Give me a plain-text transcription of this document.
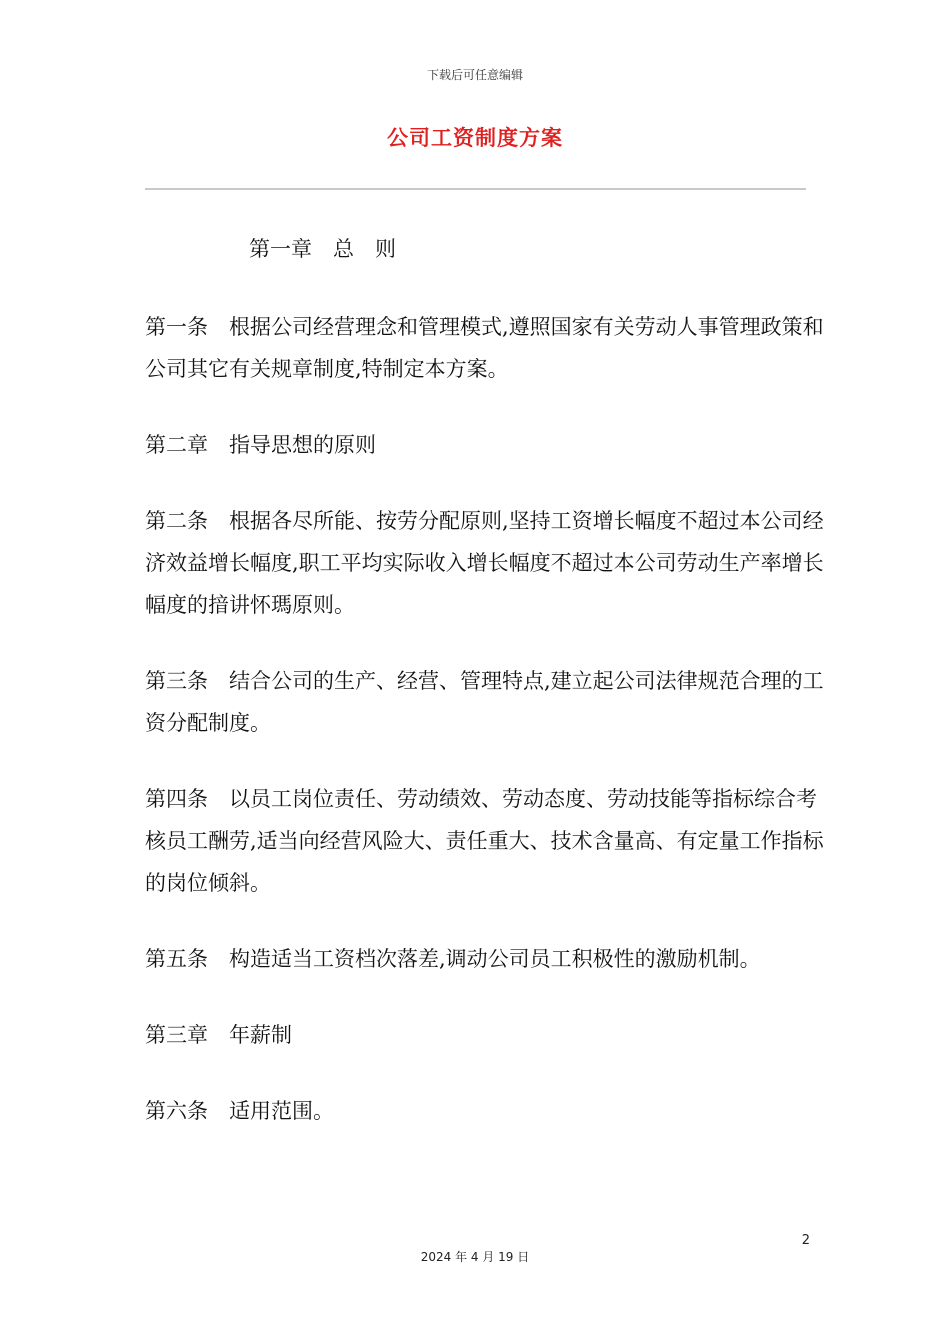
下载后可任意编辑
公司工资制度方案

第一章　总　则

第一条　根据公司经营理念和管理模式,遵照国家有关劳动人事管理政策和公司其它有关规章制度,特制定本方案。

第二章　指导思想的原则

第二条　根据各尽所能、按劳分配原则,坚持工资增长幅度不超过本公司经济效益增长幅度,职工平均实际收入增长幅度不超过本公司劳动生产率增长幅度的揞讲怀瑪原则。

第三条　结合公司的生产、经营、管理特点,建立起公司法律规范合理的工资分配制度。

第四条　以员工岗位责任、劳动绩效、劳动态度、劳动技能等指标综合考核员工酬劳,适当向经营风险大、责任重大、技术含量高、有定量工作指标的岗位倾斜。

第五条　构造适当工资档次落差,调动公司员工积极性的激励机制。

第三章　年薪制

第六条　适用范围。

2
2024 年 4 月 19 日
